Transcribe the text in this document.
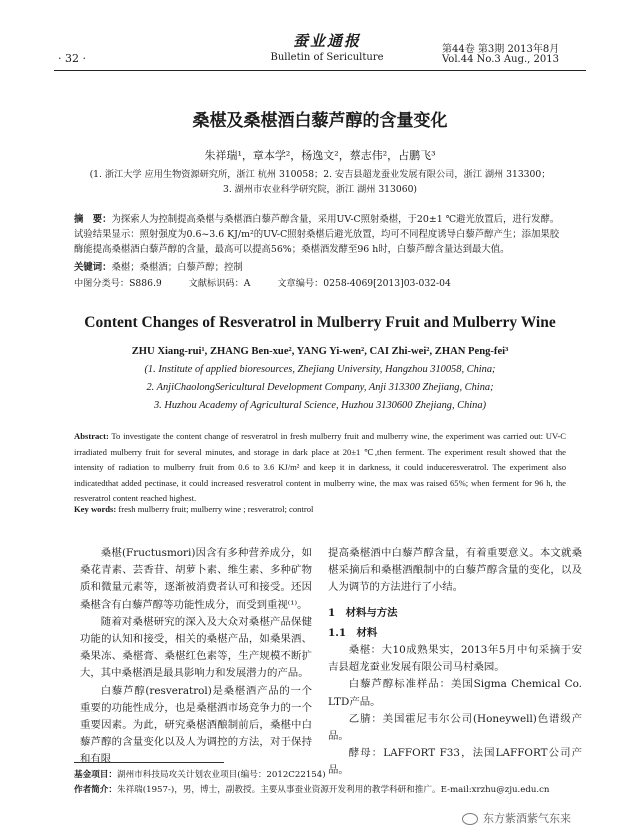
· 32 ·
蚕业通报
Bulletin of Sericulture
第44卷 第3期 2013年8月
Vol.44 No.3 Aug., 2013
桑椹及桑椹酒白藜芦醇的含量变化
朱祥瑞¹，章本学²，杨逸文²，蔡志伟²，占鹏飞³
(1. 浙江大学 应用生物资源研究所，浙江 杭州 310058；2. 安吉县超龙蚕业发展有限公司，浙江 湖州 313300；
3. 湖州市农业科学研究院，浙江 湖州 313060)
摘　要：为探索人为控制提高桑椹与桑椹酒白藜芦醇含量，采用UV-C照射桑椹，于20±1 ℃避光放置后，进行发酵。试验结果显示：照射强度为0.6~3.6 KJ/m²的UV-C照射桑椹后避光放置，均可不同程度诱导白藜芦醇产生；添加果胶酶能提高桑椹酒白藜芦醇的含量，最高可以提高56%；桑椹酒发酵至96 h时，白藜芦醇含量达到最大值。
关键词：桑椹；桑椹酒；白藜芦醇；控制
中图分类号：S886.9	文献标识码：A	文章编号：0258-4069[2013]03-032-04
Content Changes of Resveratrol in Mulberry Fruit and Mulberry Wine
ZHU Xiang-rui¹, ZHANG Ben-xue², YANG Yi-wen², CAI Zhi-wei², ZHAN Peng-fei³
(1. Institute of applied bioresources, Zhejiang University, Hangzhou 310058, China;
2. AnjiChaolongSericultural Development Company, Anji 313300 Zhejiang, China;
3. Huzhou Academy of Agricultural Science, Huzhou 3130600 Zhejiang, China)
Abstract: To investigate the content change of resveratrol in fresh mulberry fruit and mulberry wine, the experiment was carried out: UV-C irradiated mulberry fruit for several minutes, and storage in dark place at 20±1 ℃,then ferment. The experiment result showed that the intensity of radiation to mulberry fruit from 0.6 to 3.6 KJ/m² and keep it in darkness, it could induceresveratrol. The experiment also indicatedthat added pectinase, it could increased resveratrol content in mulberry wine, the max was raised 65%; when ferment for 96 h, the resveratrol content reached highest.
Key words: fresh mulberry fruit; mulberry wine ; resveratrol; control

桑椹(Fructusmori)因含有多种营养成分，如桑花青素、芸香苷、胡萝卜素、维生素、多种矿物质和微量元素等，逐渐被消费者认可和接受。还因桑椹含有白藜芦醇等功能性成分，而受到重视⁽¹⁾。

随着对桑椹研究的深入及大众对桑椹产品保健功能的认知和接受，相关的桑椹产品，如桑果酒、桑果冻、桑椹膏、桑椹红色素等，生产规模不断扩大，其中桑椹酒是最具影响力和发展潜力的产品。

白藜芦醇(resveratrol)是桑椹酒产品的一个重要的功能性成分，也是桑椹酒市场竞争力的一个重要因素。为此，研究桑椹酒酿制前后，桑椹中白藜芦醇的含量变化以及人为调控的方法，对于保持和有限

提高桑椹酒中白藜芦醇含量，有着重要意义。本文就桑椹采摘后和桑椹酒酿制中的白藜芦醇含量的变化，以及人为调节的方法进行了小结。

1　材料与方法

1.1　材料

桑椹：大10成熟果实，2013年5月中旬采摘于安吉县超龙蚕业发展有限公司马村桑园。

白藜芦醇标准样品：美国Sigma Chemical Co. LTD产品。

乙腈：美国霍尼韦尔公司(Honeywell)色谱级产品。

酵母：LAFFORT F33，法国LAFFORT公司产品。

基金项目：湖州市科技局攻关计划农业项目(编号：2012C22154)
作者简介：朱祥瑞(1957-)，男，博士，副教授。主要从事蚕业资源开发利用的教学科研和推广。E-mail:xrzhu@zju.edu.cn
东方紫酒紫气东来
